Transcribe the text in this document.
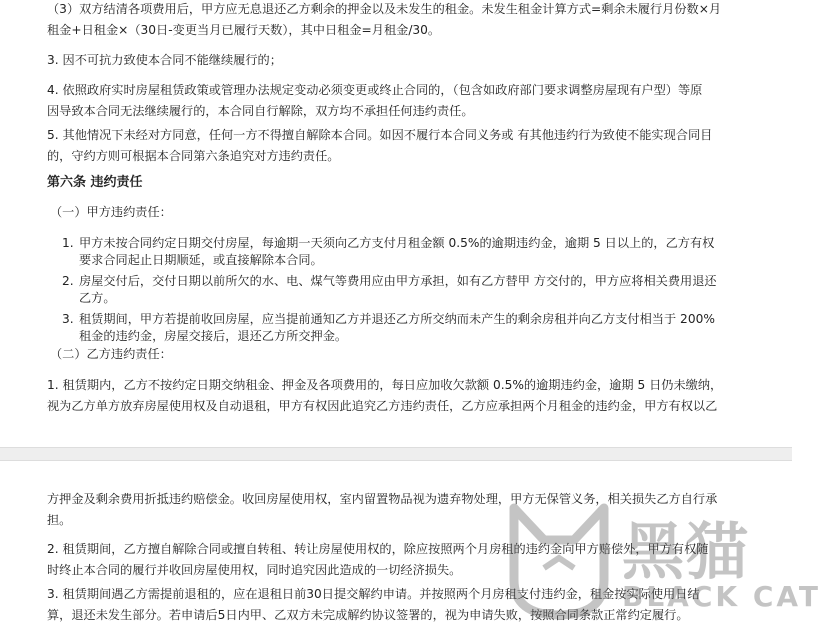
（3）双方结清各项费用后，甲方应无息退还乙方剩余的押金以及未发生的租金。未发生租金计算方式=剩余未履行月份数×月
租金+日租金×（30日-变更当月已履行天数），其中日租金=月租金/30。

3. 因不可抗力致使本合同不能继续履行的；

4. 依照政府实时房屋租赁政策或管理办法规定变动必须变更或终止合同的，（包含如政府部门要求调整房屋现有户型）等原
因导致本合同无法继续履行的，本合同自行解除，双方均不承担任何违约责任。

5. 其他情况下未经对方同意，任何一方不得擅自解除本合同。如因不履行本合同义务或 有其他违约行为致使不能实现合同目
的，守约方则可根据本合同第六条追究对方违约责任。

第六条 违约责任

（一）甲方违约责任：

1. 甲方未按合同约定日期交付房屋，每逾期一天须向乙方支付月租金额 0.5%的逾期违约金，逾期 5 日以上的，乙方有权
要求合同起止日期顺延，或直接解除本合同。
2. 房屋交付后，交付日期以前所欠的水、电、煤气等费用应由甲方承担，如有乙方替甲 方交付的，甲方应将相关费用退还
乙方。
3. 租赁期间，甲方若提前收回房屋，应当提前通知乙方并退还乙方所交纳而未产生的剩余房租并向乙方支付相当于 200%
租金的违约金，房屋交接后，退还乙方所交押金。

（二）乙方违约责任：

1. 租赁期内，乙方不按约定日期交纳租金、押金及各项费用的，每日应加收欠款额 0.5%的逾期违约金，逾期 5 日仍未缴纳，
视为乙方单方放弃房屋使用权及自动退租，甲方有权因此追究乙方违约责任，乙方应承担两个月租金的违约金，甲方有权以乙

方押金及剩余费用折抵违约赔偿金。收回房屋使用权，室内留置物品视为遗弃物处理，甲方无保管义务，相关损失乙方自行承
担。

2. 租赁期间，乙方擅自解除合同或擅自转租、转让房屋使用权的，除应按照两个月房租的违约金向甲方赔偿外，甲方有权随
时终止本合同的履行并收回房屋使用权，同时追究因此造成的一切经济损失。

3. 租赁期间遇乙方需提前退租的，应在退租日前30日提交解约申请。并按照两个月房租支付违约金，租金按实际使用日结
算，退还未发生部分。若申请后5日内甲、乙双方未完成解约协议签署的，视为申请失败，按照合同条款正常约定履行。

黑猫
BLACK CAT
